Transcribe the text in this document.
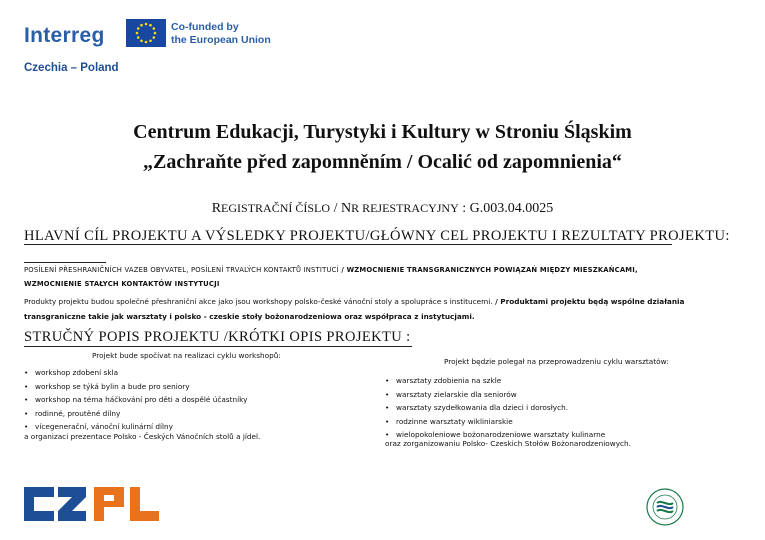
Interreg	Co-funded by
the European Union
Czechia – Poland
Centrum Edukacji, Turystyki i Kultury w Stroniu Śląskim
„Zachraňte před zapomněním / Ocalić od zapomnienia“
REGISTRAČNÍ ČÍSLO / NR REJESTRACYJNY : G.003.04.0025
HLAVNÍ CÍL PROJEKTU A VÝSLEDKY PROJEKTU/GŁÓWNY CEL PROJEKTU I REZULTATY PROJEKTU:
POSÍLENÍ PŘESHRANIČNÍCH VAZEB OBYVATEL, POSÍLENÍ TRVALÝCH KONTAKTŮ INSTITUCÍ / WZMOCNIENIE TRANSGRANICZNYCH POWIĄZAŃ MIĘDZY MIESZKAŃCAMI,
WZMOCNIENIE STAŁYCH KONTAKTÓW INSTYTUCJI
Produkty projektu budou společné přeshraniční akce jako jsou workshopy polsko-české vánoční stoly a spolupráce s institucemi. / Produktami projektu będą wspólne działania transgraniczne takie jak warsztaty i polsko - czeskie stoły bożonarodzeniowa oraz współpraca z instytucjami.
STRUČNÝ POPIS PROJEKTU /KRÓTKI OPIS PROJEKTU :
Projekt bude spočívat na realizaci cyklu workshopů:
• workshop zdobení skla
• workshop se týká bylin a bude pro seniory
• workshop na téma háčkování pro děti a dospělé účastníky
• rodinné, proutěné dílny
• vícegenerační, vánoční kulinární dílny
a organizaci prezentace Polsko - Českých Vánočních stolů a jídel.
Projekt będzie polegał na przeprowadzeniu cyklu warsztatów:
• warsztaty zdobienia na szkle
• warsztaty zielarskie dla seniorów
• warsztaty szydełkowania dla dzieci i dorosłych.
• rodzinne warsztaty wikliniarskie
• wielopokoleniowe bożonarodzeniowe warsztaty kulinarne
oraz zorganizowaniu Polsko- Czeskich Stołów Bożonarodzeniowych.
